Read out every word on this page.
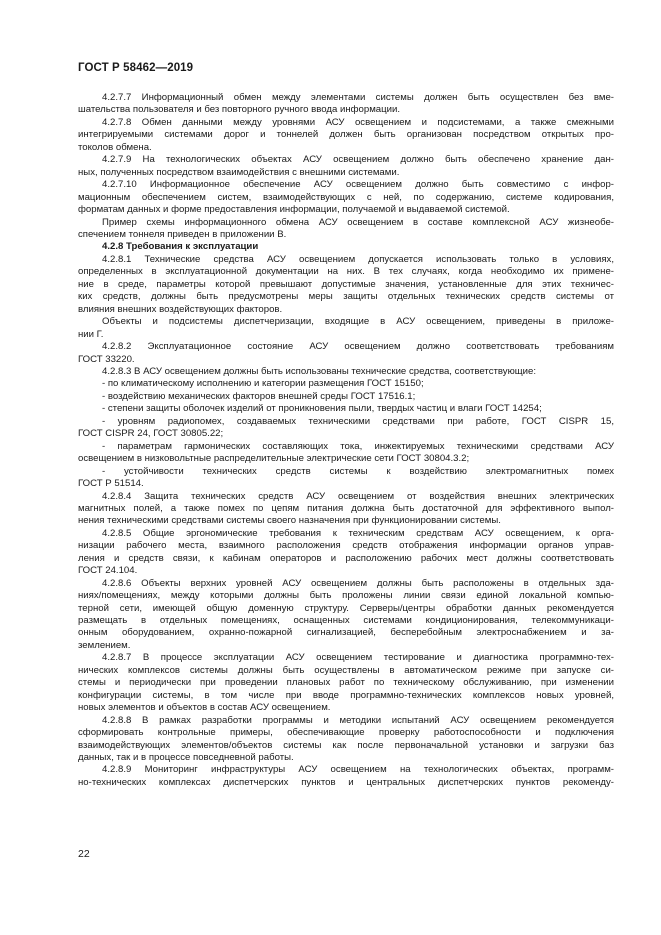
ГОСТ Р 58462—2019
4.2.7.7 Информационный обмен между элементами системы должен быть осуществлен без вме-
шательства пользователя и без повторного ручного ввода информации.
4.2.7.8 Обмен данными между уровнями АСУ освещением и подсистемами, а также смежными
интегрируемыми системами дорог и тоннелей должен быть организован посредством открытых про-
токолов обмена.
4.2.7.9 На технологических объектах АСУ освещением должно быть обеспечено хранение дан-
ных, полученных посредством взаимодействия с внешними системами.
4.2.7.10 Информационное обеспечение АСУ освещением должно быть совместимо с инфор-
мационным обеспечением систем, взаимодействующих с ней, по содержанию, системе кодирования,
форматам данных и форме предоставления информации, получаемой и выдаваемой системой.
Пример схемы информационного обмена АСУ освещением в составе комплексной АСУ жизнеобе-
спечением тоннеля приведен в приложении В.
4.2.8 Требования к эксплуатации
4.2.8.1 Технические средства АСУ освещением допускается использовать только в условиях,
определенных в эксплуатационной документации на них. В тех случаях, когда необходимо их примене-
ние в среде, параметры которой превышают допустимые значения, установленные для этих техничес-
ких средств, должны быть предусмотрены меры защиты отдельных технических средств системы от
влияния внешних воздействующих факторов.
Объекты и подсистемы диспетчеризации, входящие в АСУ освещением, приведены в приложе-
нии Г.
4.2.8.2 Эксплуатационное состояние АСУ освещением должно соответствовать требованиям
ГОСТ 33220.
4.2.8.3 В АСУ освещением должны быть использованы технические средства, соответствующие:
- по климатическому исполнению и категории размещения ГОСТ 15150;
- воздействию механических факторов внешней среды ГОСТ 17516.1;
- степени защиты оболочек изделий от проникновения пыли, твердых частиц и влаги ГОСТ 14254;
- уровням радиопомех, создаваемых техническими средствами при работе, ГОСТ CISPR 15,
ГОСТ CISPR 24, ГОСТ 30805.22;
- параметрам гармонических составляющих тока, инжектируемых техническими средствами АСУ
освещением в низковольтные распределительные электрические сети ГОСТ 30804.3.2;
- устойчивости технических средств системы к воздействию электромагнитных помех
ГОСТ Р 51514.
4.2.8.4 Защита технических средств АСУ освещением от воздействия внешних электрических
магнитных полей, а также помех по цепям питания должна быть достаточной для эффективного выпол-
нения техническими средствами системы своего назначения при функционировании системы.
4.2.8.5 Общие эргономические требования к техническим средствам АСУ освещением, к орга-
низации рабочего места, взаимного расположения средств отображения информации органов управ-
ления и средств связи, к кабинам операторов и расположению рабочих мест должны соответствовать
ГОСТ 24.104.
4.2.8.6 Объекты верхних уровней АСУ освещением должны быть расположены в отдельных зда-
ниях/помещениях, между которыми должны быть проложены линии связи единой локальной компью-
терной сети, имеющей общую доменную структуру. Серверы/центры обработки данных рекомендуется
размещать в отдельных помещениях, оснащенных системами кондиционирования, телекоммуникаци-
онным оборудованием, охранно-пожарной сигнализацией, бесперебойным электроснабжением и за-
землением.
4.2.8.7 В процессе эксплуатации АСУ освещением тестирование и диагностика программно-тех-
нических комплексов системы должны быть осуществлены в автоматическом режиме при запуске си-
стемы и периодически при проведении плановых работ по техническому обслуживанию, при изменении
конфигурации системы, в том числе при вводе программно-технических комплексов новых уровней,
новых элементов и объектов в состав АСУ освещением.
4.2.8.8 В рамках разработки программы и методики испытаний АСУ освещением рекомендуется
сформировать контрольные примеры, обеспечивающие проверку работоспособности и подключения
взаимодействующих элементов/объектов системы как после первоначальной установки и загрузки баз
данных, так и в процессе повседневной работы.
4.2.8.9 Мониторинг инфраструктуры АСУ освещением на технологических объектах, программ-
но-технических комплексах диспетчерских пунктов и центральных диспетчерских пунктов рекоменду-
22
